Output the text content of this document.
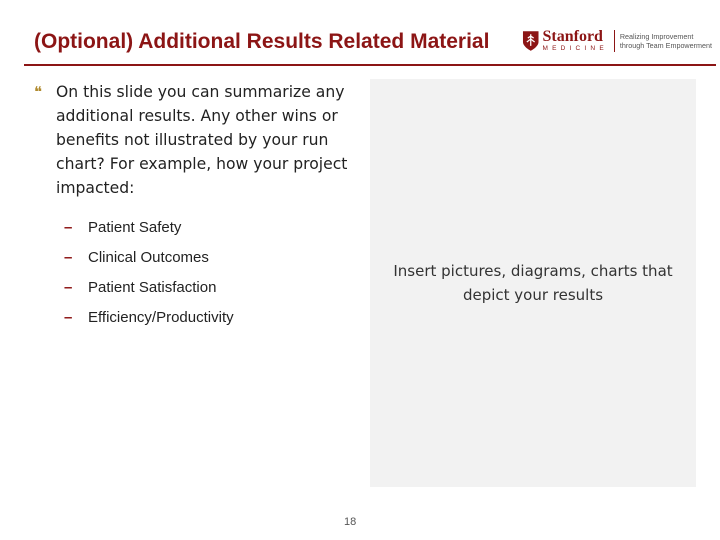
(Optional) Additional Results Related Material	Stanford
MEDICINE
Realizing Improvement
through Team Empowerment
❝ On this slide you can summarize any additional results. Any other wins or benefits not illustrated by your run chart? For example, how your project impacted:
–	Patient Safety
–	Clinical Outcomes
–	Patient Satisfaction
–	Efficiency/Productivity
Insert pictures, diagrams, charts that
depict your results
18
